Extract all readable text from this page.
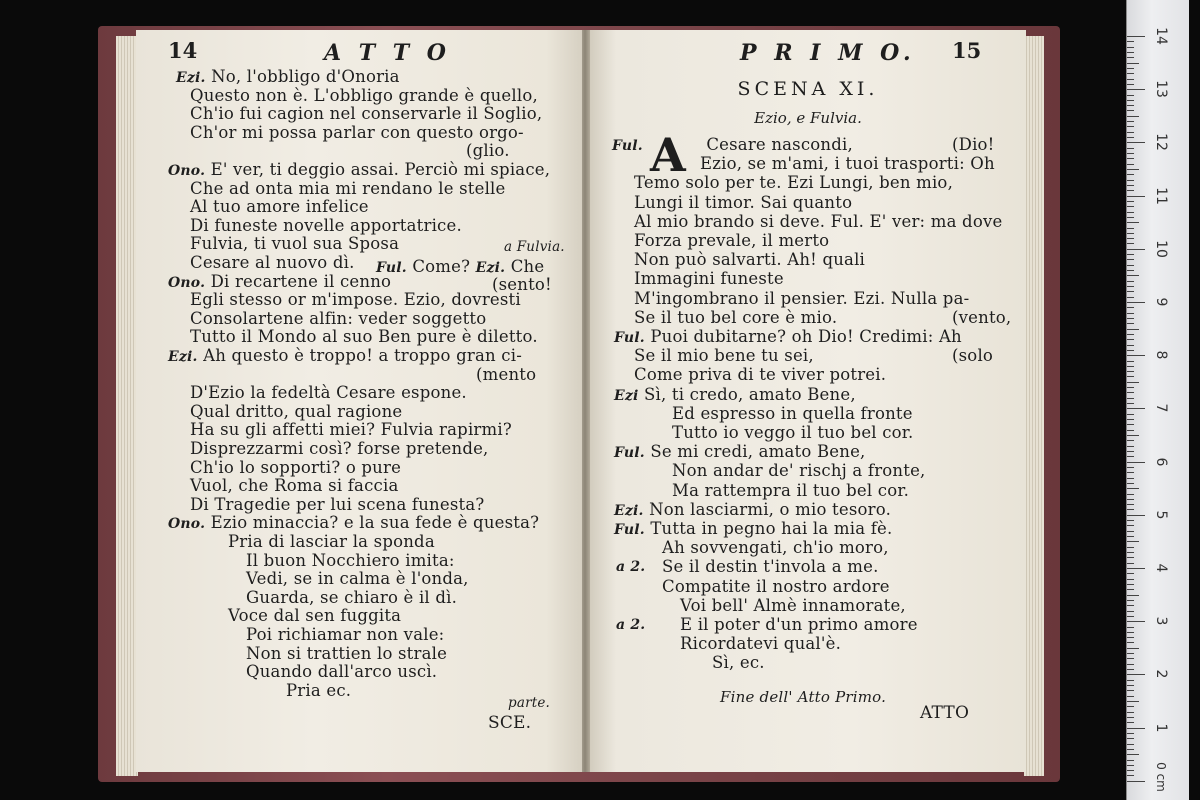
14	A T T O
Ezi. No, l'obbligo d'Onoria
Questo non è. L'obbligo grande è quello,
Ch'io fui cagion nel conservarle il Soglio,
Ch'or mi possa parlar con questo orgo-
(glio.
Ono. E' ver, ti deggio assai. Perciò mi spiace,
Che ad onta mia mi rendano le stelle
Al tuo amore infelice
Di funeste novelle apportatrice.
Fulvia, ti vuol sua Sposa
Cesare al nuovo dì.
Ono. Di recartene il cenno
Egli stesso or m'impose. Ezio, dovresti
Consolartene alfin: veder soggetto
Tutto il Mondo al suo Ben pure è diletto.
Ezi. Ah questo è troppo! a troppo gran ci-
(mento
D'Ezio la fedeltà Cesare espone.
Qual dritto, qual ragione
Ha su gli affetti miei? Fulvia rapirmi?
Disprezzarmi così? forse pretende,
Ch'io lo sopporti? o pure
Vuol, che Roma si faccia
Di Tragedie per lui scena funesta?
Ono. Ezio minaccia? e la sua fede è questa?
Pria di lasciar la sponda
Il buon Nocchiero imita:
Vedi, se in calma è l'onda,
Guarda, se chiaro è il dì.
Voce dal sen fuggita
Poi richiamar non vale:
Non si trattien lo strale
Quando dall'arco uscì.
Pria ec.
a Fulvia.
(sento!
Ful. Come? Ezi. Che
parte.
SCE.
P R I M O. 15
SCENA XI.
Ezio, e Fulvia.
A
Ful.	Cesare nascondi,	(Dio!
Ezio, se m'ami, i tuoi trasporti: Oh
Temo solo per te. Ezi Lungi, ben mio,
Lungi il timor. Sai quanto
Al mio brando si deve. Ful. E' ver: ma dove
Forza prevale, il merto
Non può salvarti. Ah! quali
Immagini funeste
M'ingombrano il pensier. Ezi. Nulla pa-
Se il tuo bel core è mio.	(vento,
Ful. Puoi dubitarne? oh Dio! Credimi: Ah
Se il mio bene tu sei,	(solo
Come priva di te viver potrei.
Ezi Sì, ti credo, amato Bene,
Ed espresso in quella fronte
Tutto io veggo il tuo bel cor.
Ful. Se mi credi, amato Bene,
Non andar de' rischj a fronte,
Ma rattempra il tuo bel cor.
Ezi. Non lasciarmi, o mio tesoro.
Ful. Tutta in pegno hai la mia fè.
Ah sovvengati, ch'io moro,
a 2. Se il destin t'invola a me.
Compatite il nostro ardore
Voi bell' Almè innamorate,
a 2. E il poter d'un primo amore
Ricordatevi qual'è.
Sì, ec.
Fine dell' Atto Primo.
ATTO
0 cm
14
13
12
11
10
9
8
7
6
5
4
3
2
1
